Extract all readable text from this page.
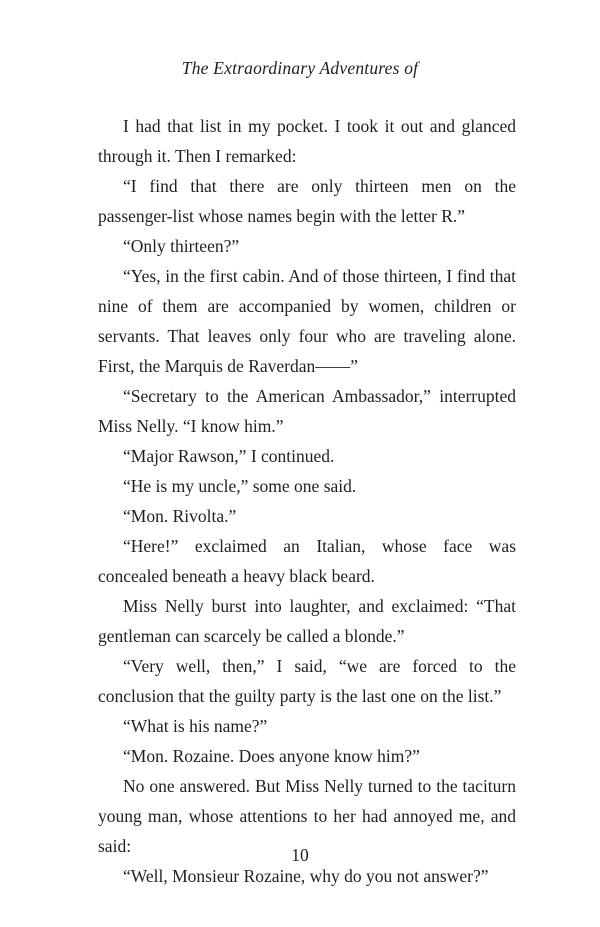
The Extraordinary Adventures of

I had that list in my pocket. I took it out and glanced through it. Then I remarked:

“I find that there are only thirteen men on the passenger-list whose names begin with the letter R.”

“Only thirteen?”

“Yes, in the first cabin. And of those thirteen, I find that nine of them are accompanied by women, children or servants. That leaves only four who are traveling alone. First, the Marquis de Raverdan——”

“Secretary to the American Ambassador,” interrupted Miss Nelly. “I know him.”

“Major Rawson,” I continued.

“He is my uncle,” some one said.

“Mon. Rivolta.”

“Here!” exclaimed an Italian, whose face was concealed beneath a heavy black beard.

Miss Nelly burst into laughter, and exclaimed: “That gentleman can scarcely be called a blonde.”

“Very well, then,” I said, “we are forced to the conclusion that the guilty party is the last one on the list.”

“What is his name?”

“Mon. Rozaine. Does anyone know him?”

No one answered. But Miss Nelly turned to the taciturn young man, whose attentions to her had annoyed me, and said:

“Well, Monsieur Rozaine, why do you not answer?”

10
